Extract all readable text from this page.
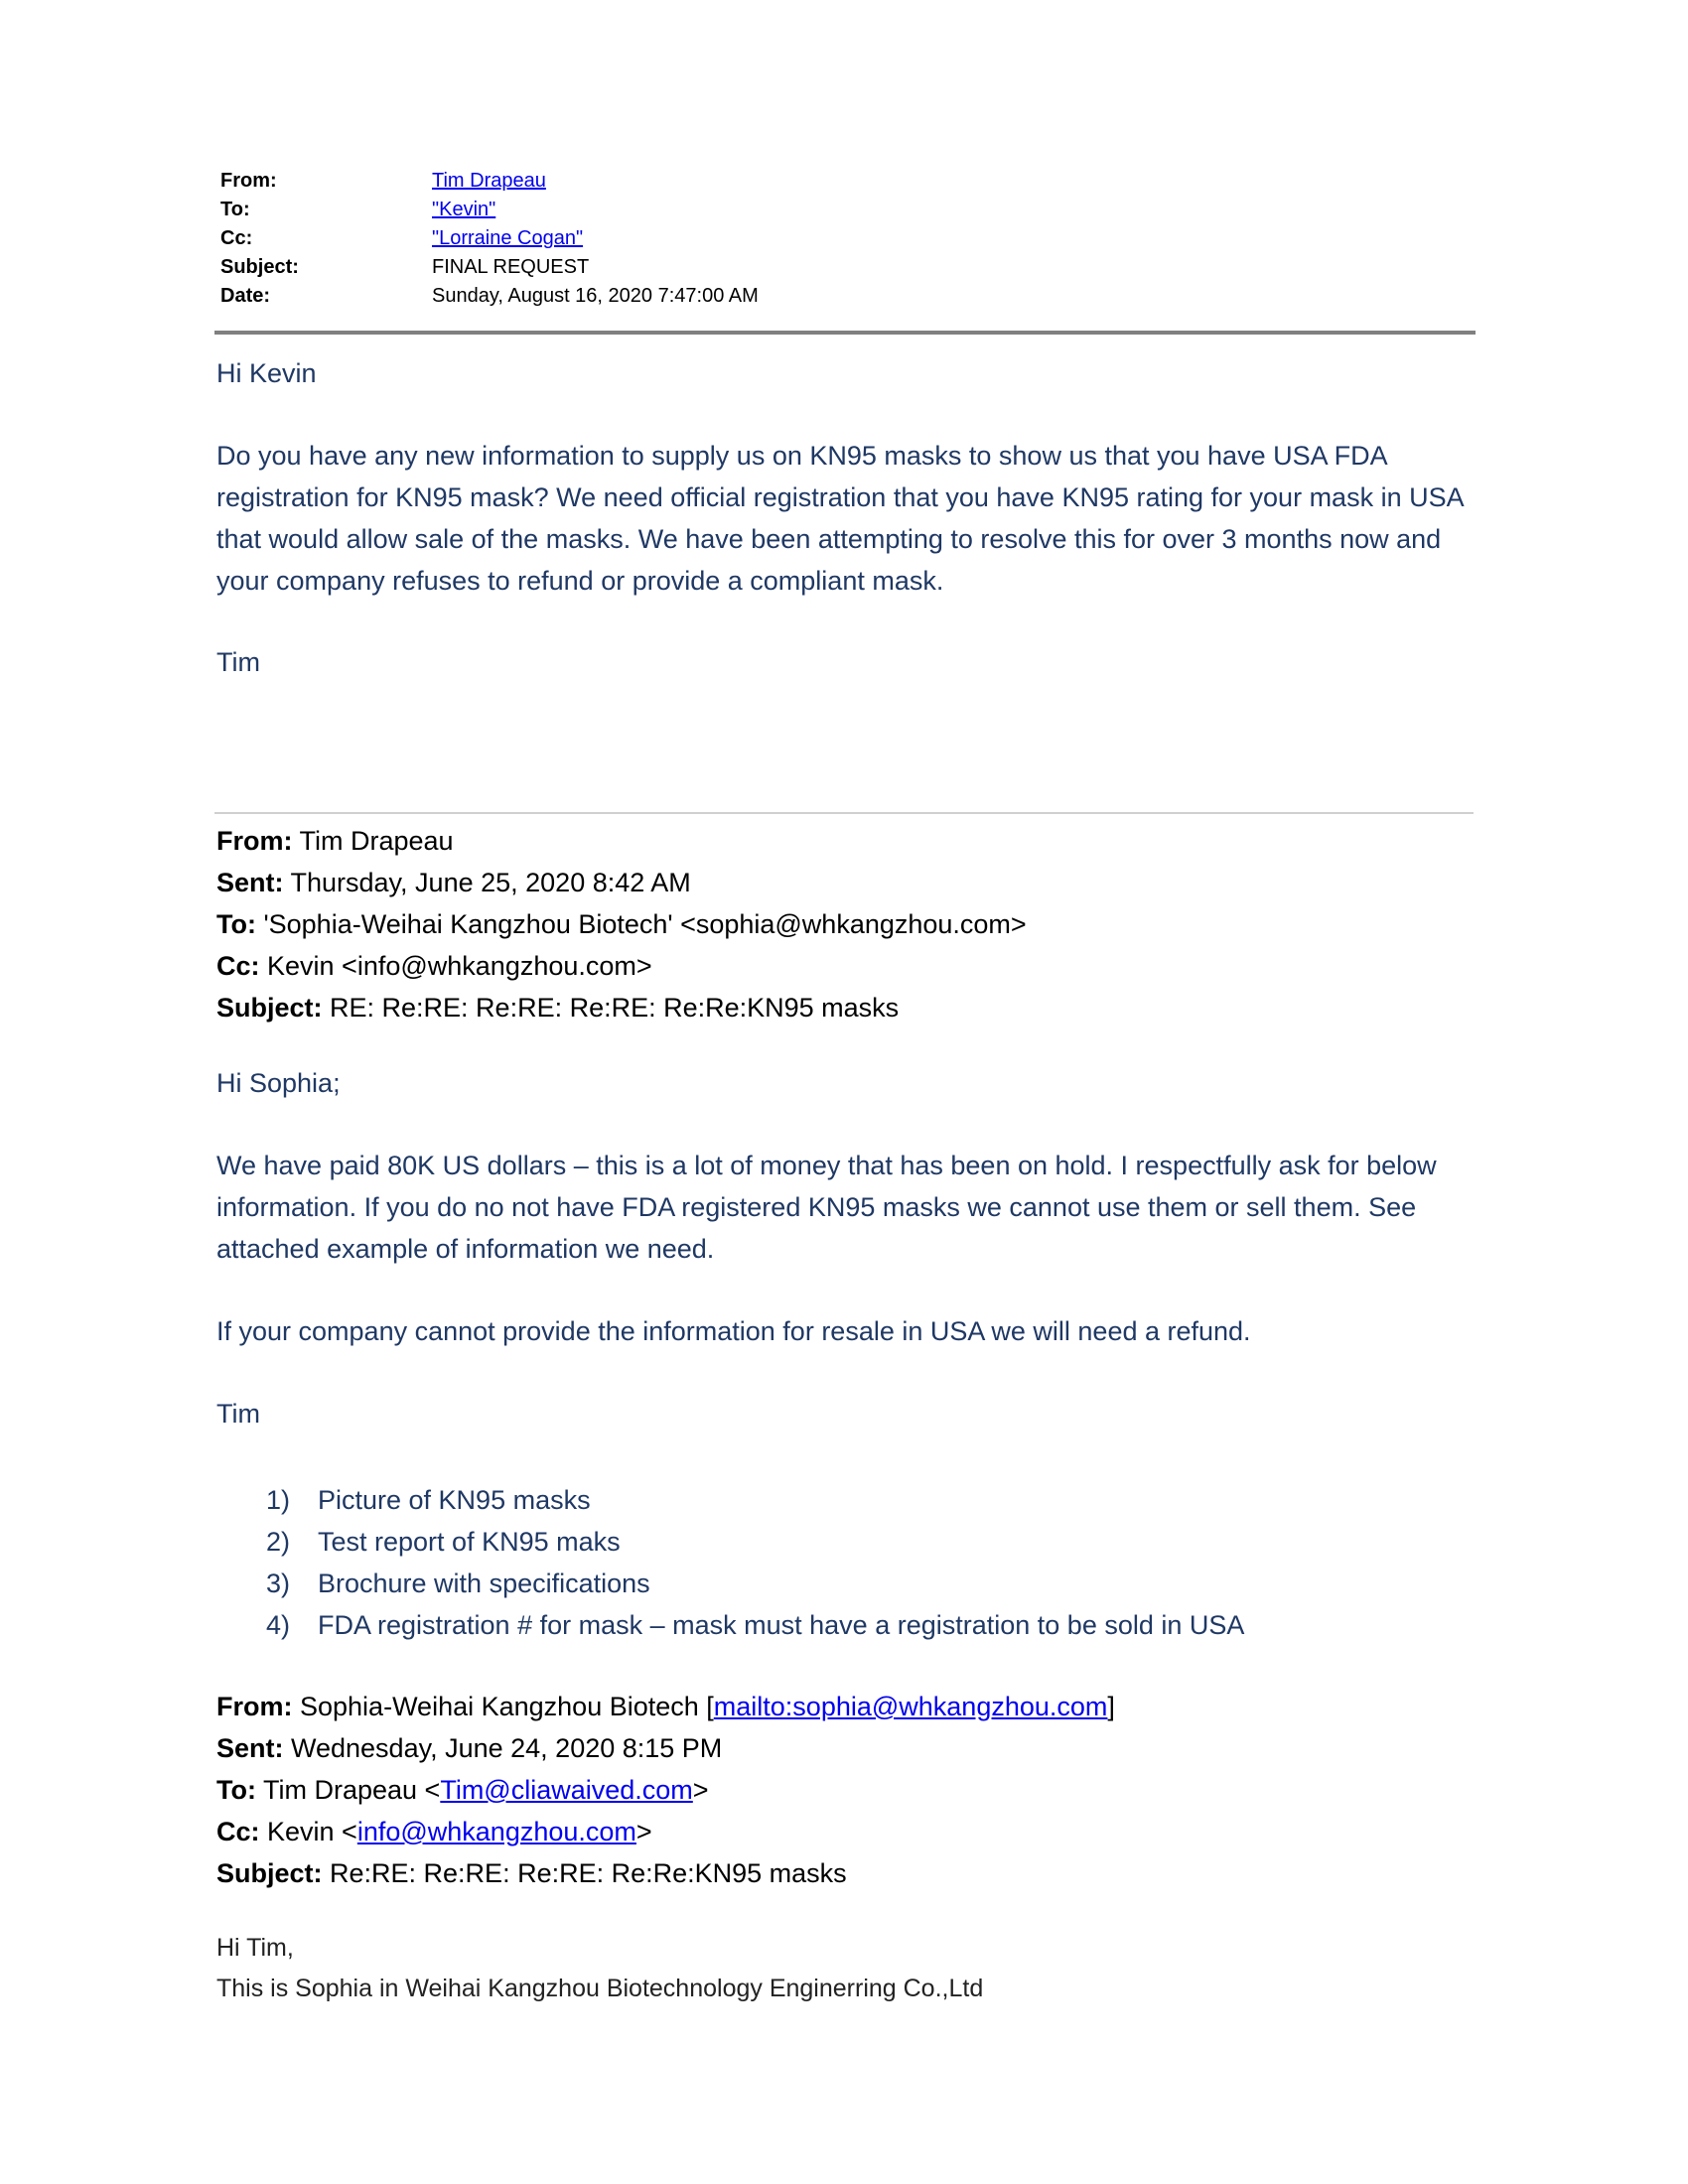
From:	Tim Drapeau
To:	"Kevin"
Cc:	"Lorraine Cogan"
Subject:	FINAL REQUEST
Date:	Sunday, August 16, 2020 7:47:00 AM
Hi Kevin
Do you have any new information to supply us on KN95 masks to show us that you have USA FDA registration for KN95 mask? We need official registration that you have KN95 rating for your mask in USA that would allow sale of the masks. We have been attempting to resolve this for over 3 months now and your company refuses to refund or provide a compliant mask.
Tim
From: Tim Drapeau
Sent: Thursday, June 25, 2020 8:42 AM
To: 'Sophia-Weihai Kangzhou Biotech' <sophia@whkangzhou.com>
Cc: Kevin <info@whkangzhou.com>
Subject: RE: Re:RE: Re:RE: Re:RE: Re:Re:KN95 masks
Hi Sophia;
We have paid 80K US dollars – this is a lot of money that has been on hold. I respectfully ask for below information. If you do no not have FDA registered KN95 masks we cannot use them or sell them. See attached example of information we need.
If your company cannot provide the information for resale in USA we will need a refund.
Tim
1)	Picture of KN95 masks
2)	Test report of KN95 maks
3)	Brochure with specifications
4)	FDA registration # for mask – mask must have a registration to be sold in USA
From: Sophia-Weihai Kangzhou Biotech [mailto:sophia@whkangzhou.com]
Sent: Wednesday, June 24, 2020 8:15 PM
To: Tim Drapeau <Tim@cliawaived.com>
Cc: Kevin <info@whkangzhou.com>
Subject: Re:RE: Re:RE: Re:RE: Re:Re:KN95 masks
Hi Tim,
This is Sophia in Weihai Kangzhou Biotechnology Enginerring Co.,Ltd
